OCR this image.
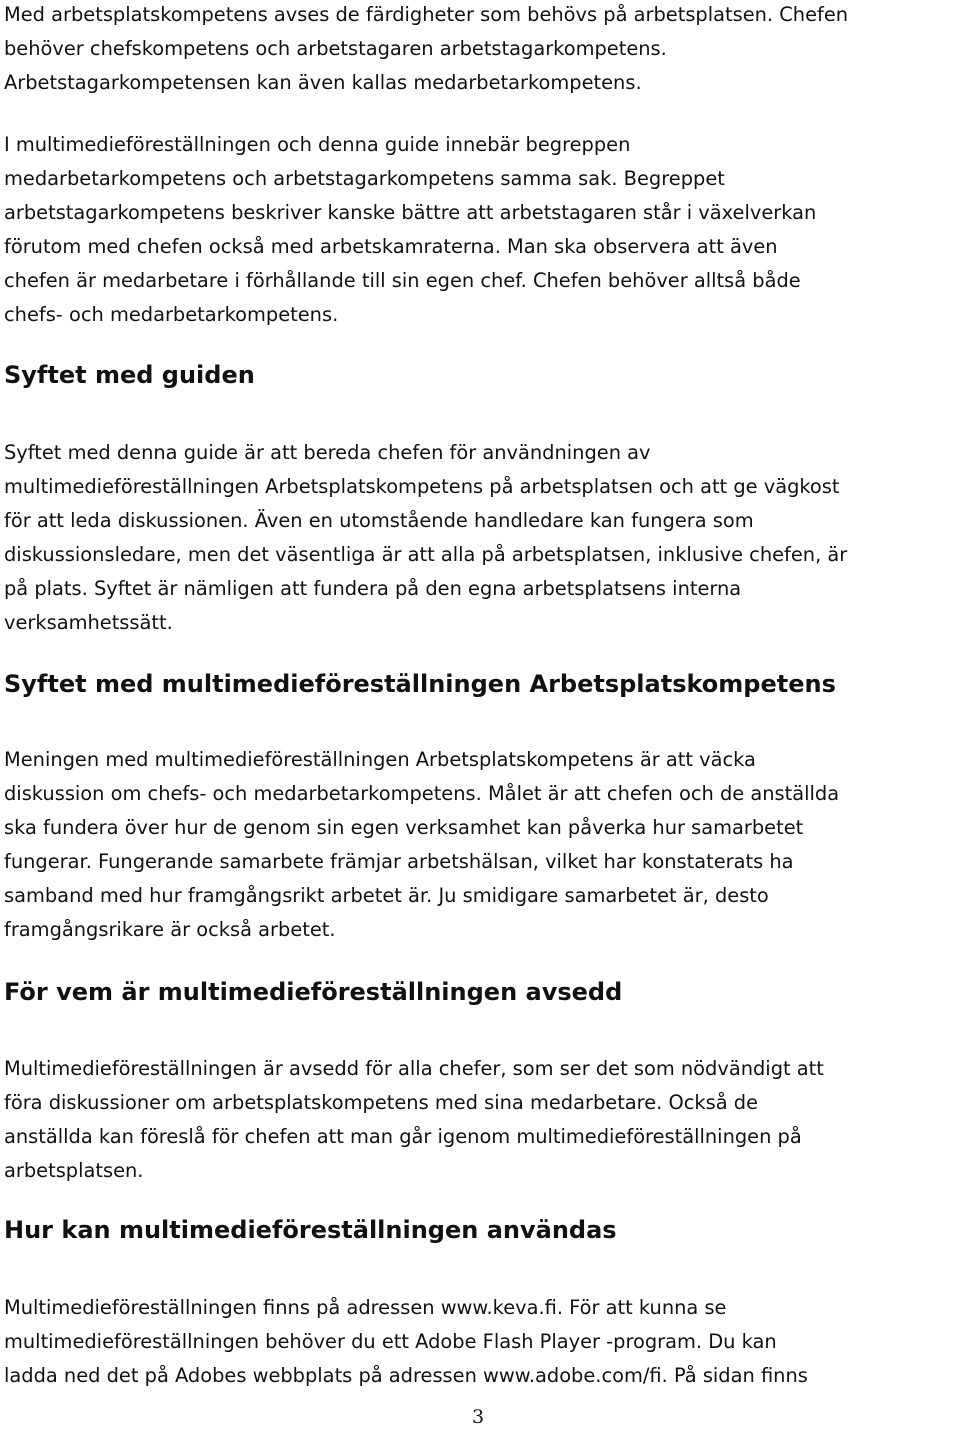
Med arbetsplatskompetens avses de färdigheter som behövs på arbetsplatsen. Chefen
behöver chefskompetens och arbetstagaren arbetstagarkompetens.
Arbetstagarkompetensen kan även kallas medarbetarkompetens.
I multimedieföreställningen och denna guide innebär begreppen
medarbetarkompetens och arbetstagarkompetens samma sak. Begreppet
arbetstagarkompetens beskriver kanske bättre att arbetstagaren står i växelverkan
förutom med chefen också med arbetskamraterna. Man ska observera att även
chefen är medarbetare i förhållande till sin egen chef. Chefen behöver alltså både
chefs- och medarbetarkompetens.
Syftet med guiden
Syftet med denna guide är att bereda chefen för användningen av
multimedieföreställningen Arbetsplatskompetens på arbetsplatsen och att ge vägkost
för att leda diskussionen. Även en utomstående handledare kan fungera som
diskussionsledare, men det väsentliga är att alla på arbetsplatsen, inklusive chefen, är
på plats. Syftet är nämligen att fundera på den egna arbetsplatsens interna
verksamhetssätt.
Syftet med multimedieföreställningen Arbetsplatskompetens
Meningen med multimedieföreställningen Arbetsplatskompetens är att väcka
diskussion om chefs- och medarbetarkompetens. Målet är att chefen och de anställda
ska fundera över hur de genom sin egen verksamhet kan påverka hur samarbetet
fungerar. Fungerande samarbete främjar arbetshälsan, vilket har konstaterats ha
samband med hur framgångsrikt arbetet är. Ju smidigare samarbetet är, desto
framgångsrikare är också arbetet.
För vem är multimedieföreställningen avsedd
Multimedieföreställningen är avsedd för alla chefer, som ser det som nödvändigt att
föra diskussioner om arbetsplatskompetens med sina medarbetare. Också de
anställda kan föreslå för chefen att man går igenom multimedieföreställningen på
arbetsplatsen.
Hur kan multimedieföreställningen användas
Multimedieföreställningen finns på adressen www.keva.fi. För att kunna se
multimedieföreställningen behöver du ett Adobe Flash Player -program. Du kan
ladda ned det på Adobes webbplats på adressen www.adobe.com/fi. På sidan finns
3
